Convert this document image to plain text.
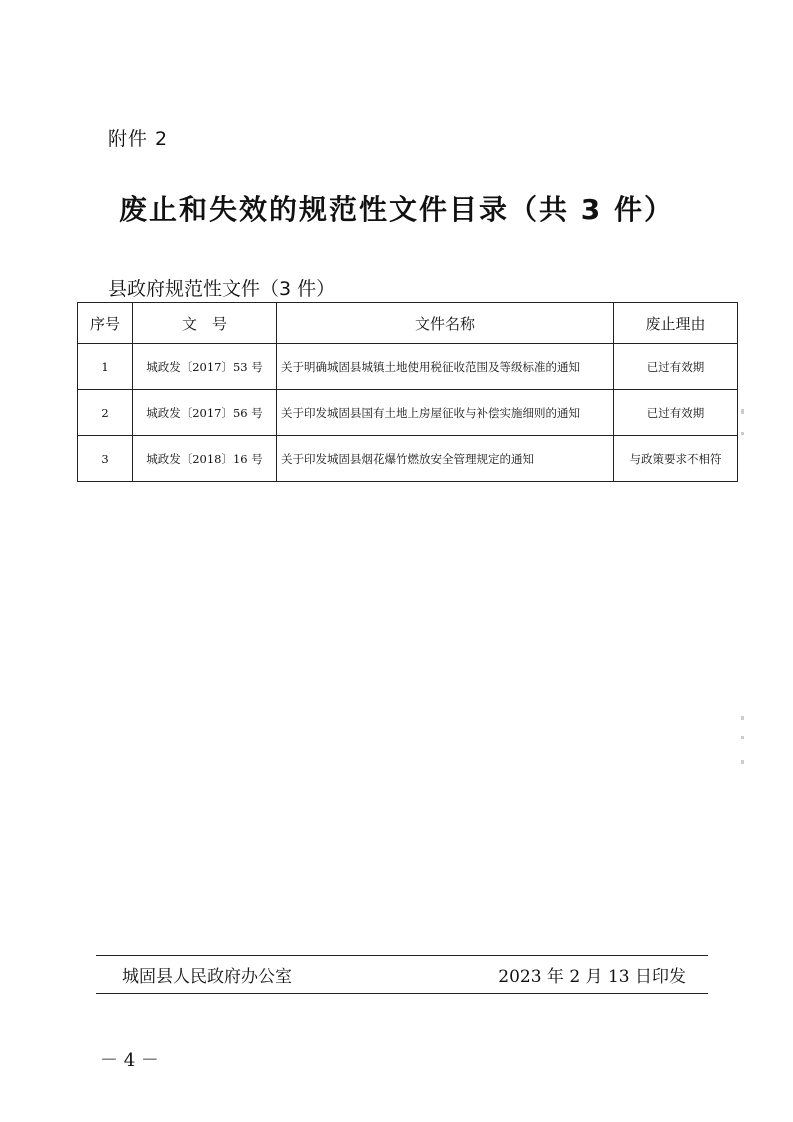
附件 2
废止和失效的规范性文件目录（共 3 件）
县政府规范性文件（3 件）
序号	文　号	文件名称	废止理由
1	城政发〔2017〕53 号	关于明确城固县城镇土地使用税征收范围及等级标准的通知	已过有效期
2	城政发〔2017〕56 号	关于印发城固县国有土地上房屋征收与补偿实施细则的通知	已过有效期
3	城政发〔2018〕16 号	关于印发城固县烟花爆竹燃放安全管理规定的通知	与政策要求不相符
城固县人民政府办公室	2023 年 2 月 13 日印发
－ 4 －
